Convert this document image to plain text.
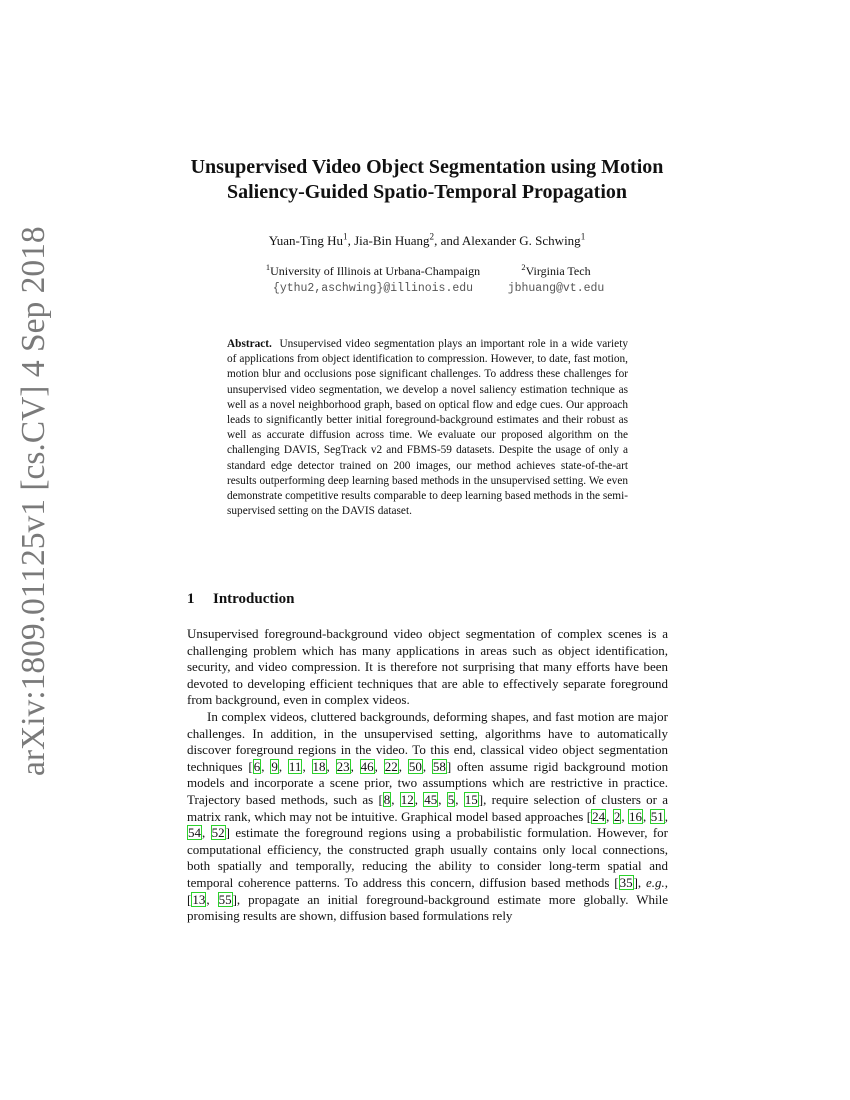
arXiv:1809.01125v1 [cs.CV] 4 Sep 2018
Unsupervised Video Object Segmentation using Motion
Saliency-Guided Spatio-Temporal Propagation
Yuan-Ting Hu$^1$, Jia-Bin Huang$^2$, and Alexander G. Schwing$^1$
$^1$University of Illinois at Urbana-Champaign
{ythu2,aschwing}@illinois.edu
$^2$Virginia Tech
jbhuang@vt.edu
Abstract. Unsupervised video segmentation plays an important role in a wide variety of applications from object identification to compression. However, to date, fast motion, motion blur and occlusions pose significant challenges. To address these challenges for unsupervised video segmentation, we develop a novel saliency estimation technique as well as a novel neighborhood graph, based on optical flow and edge cues. Our approach leads to significantly better initial foreground-background estimates and their robust as well as accurate diffusion across time. We evaluate our proposed algorithm on the challenging DAVIS, SegTrack v2 and FBMS-59 datasets. Despite the usage of only a standard edge detector trained on 200 images, our method achieves state-of-the-art results outperforming deep learning based methods in the unsupervised setting. We even demonstrate competitive results comparable to deep learning based methods in the semi-supervised setting on the DAVIS dataset.
1 Introduction

Unsupervised foreground-background video object segmentation of complex scenes is a challenging problem which has many applications in areas such as object identification, security, and video compression. It is therefore not surprising that many efforts have been devoted to developing efficient techniques that are able to effectively separate foreground from background, even in complex videos.

In complex videos, cluttered backgrounds, deforming shapes, and fast motion are major challenges. In addition, in the unsupervised setting, algorithms have to automatically discover foreground regions in the video. To this end, classical video object segmentation techniques [6, 9, 11, 18, 23, 46, 22, 50, 58] often assume rigid background motion models and incorporate a scene prior, two assumptions which are restrictive in practice. Trajectory based methods, such as [8, 12, 45, 5, 15], require selection of clusters or a matrix rank, which may not be intuitive. Graphical model based approaches [24, 2, 16, 51, 54, 52] estimate the foreground regions using a probabilistic formulation. However, for computational efficiency, the constructed graph usually contains only local connections, both spatially and temporally, reducing the ability to consider long-term spatial and temporal coherence patterns. To address this concern, diffusion based methods [35], e.g., [13, 55], propagate an initial foreground-background estimate more globally. While promising results are shown, diffusion based formulations rely
